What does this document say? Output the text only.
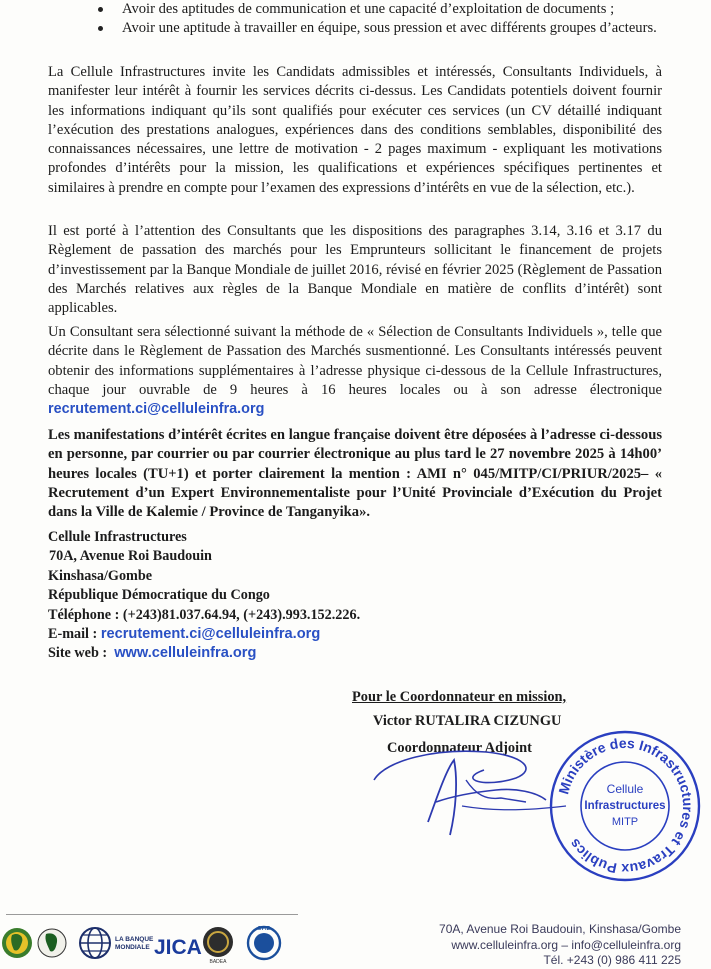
Avoir des aptitudes de communication et une capacité d’exploitation de documents ;
Avoir une aptitude à travailler en équipe, sous pression et avec différents groupes d’acteurs.

La Cellule Infrastructures invite les Candidats admissibles et intéressés, Consultants Individuels, à manifester leur intérêt à fournir les services décrits ci-dessus. Les Candidats potentiels doivent fournir les informations indiquant qu’ils sont qualifiés pour exécuter ces services (un CV détaillé indiquant l’exécution des prestations analogues, expériences dans des conditions semblables, disponibilité des connaissances nécessaires, une lettre de motivation - 2 pages maximum - expliquant les motivations profondes d’intérêts pour la mission, les qualifications et expériences spécifiques pertinentes et similaires à prendre en compte pour l’examen des expressions d’intérêts en vue de la sélection, etc.).

Il est porté à l’attention des Consultants que les dispositions des paragraphes 3.14, 3.16 et 3.17 du Règlement de passation des marchés pour les Emprunteurs sollicitant le financement de projets d’investissement par la Banque Mondiale de juillet 2016, révisé en février 2025 (Règlement de Passation des Marchés relatives aux règles de la Banque Mondiale en matière de conflits d’intérêt) sont applicables.

Un Consultant sera sélectionné suivant la méthode de « Sélection de Consultants Individuels », telle que décrite dans le Règlement de Passation des Marchés susmentionné. Les Consultants intéressés peuvent obtenir des informations supplémentaires à l’adresse physique ci-dessous de la Cellule Infrastructures, chaque jour ouvrable de 9 heures à 16 heures locales ou à son adresse électronique recrutement.ci@celluleinfra.org

Les manifestations d’intérêt écrites en langue française doivent être déposées à l’adresse ci-dessous en personne, par courrier ou par courrier électronique au plus tard le 27 novembre 2025 à 14h00’ heures locales (TU+1) et porter clairement la mention : AMI n° 045/MITP/CI/PRIUR/2025– « Recrutement d’un Expert Environnementaliste pour l’Unité Provinciale d’Exécution du Projet dans la Ville de Kalemie / Province de Tanganyika».

Cellule Infrastructures
70A, Avenue Roi Baudouin
Kinshasa/Gombe
République Démocratique du Congo
Téléphone : (+243)81.037.64.94, (+243).993.152.226.
E-mail : recrutement.ci@celluleinfra.org
Site web : www.celluleinfra.org
Pour le Coordonnateur en mission,
Victor RUTALIRA CIZUNGU
Coordonnateur Adjoint
Ministère des Infrastructures et Travaux Publics
Cellule
Infrastructures
MITP
LA BANQUE
MONDIALE JICA
BADEA
OFID	70A, Avenue Roi Baudouin, Kinshasa/Gombe
www.celluleinfra.org – info@celluleinfra.org
Tél. +243 (0) 986 411 225
